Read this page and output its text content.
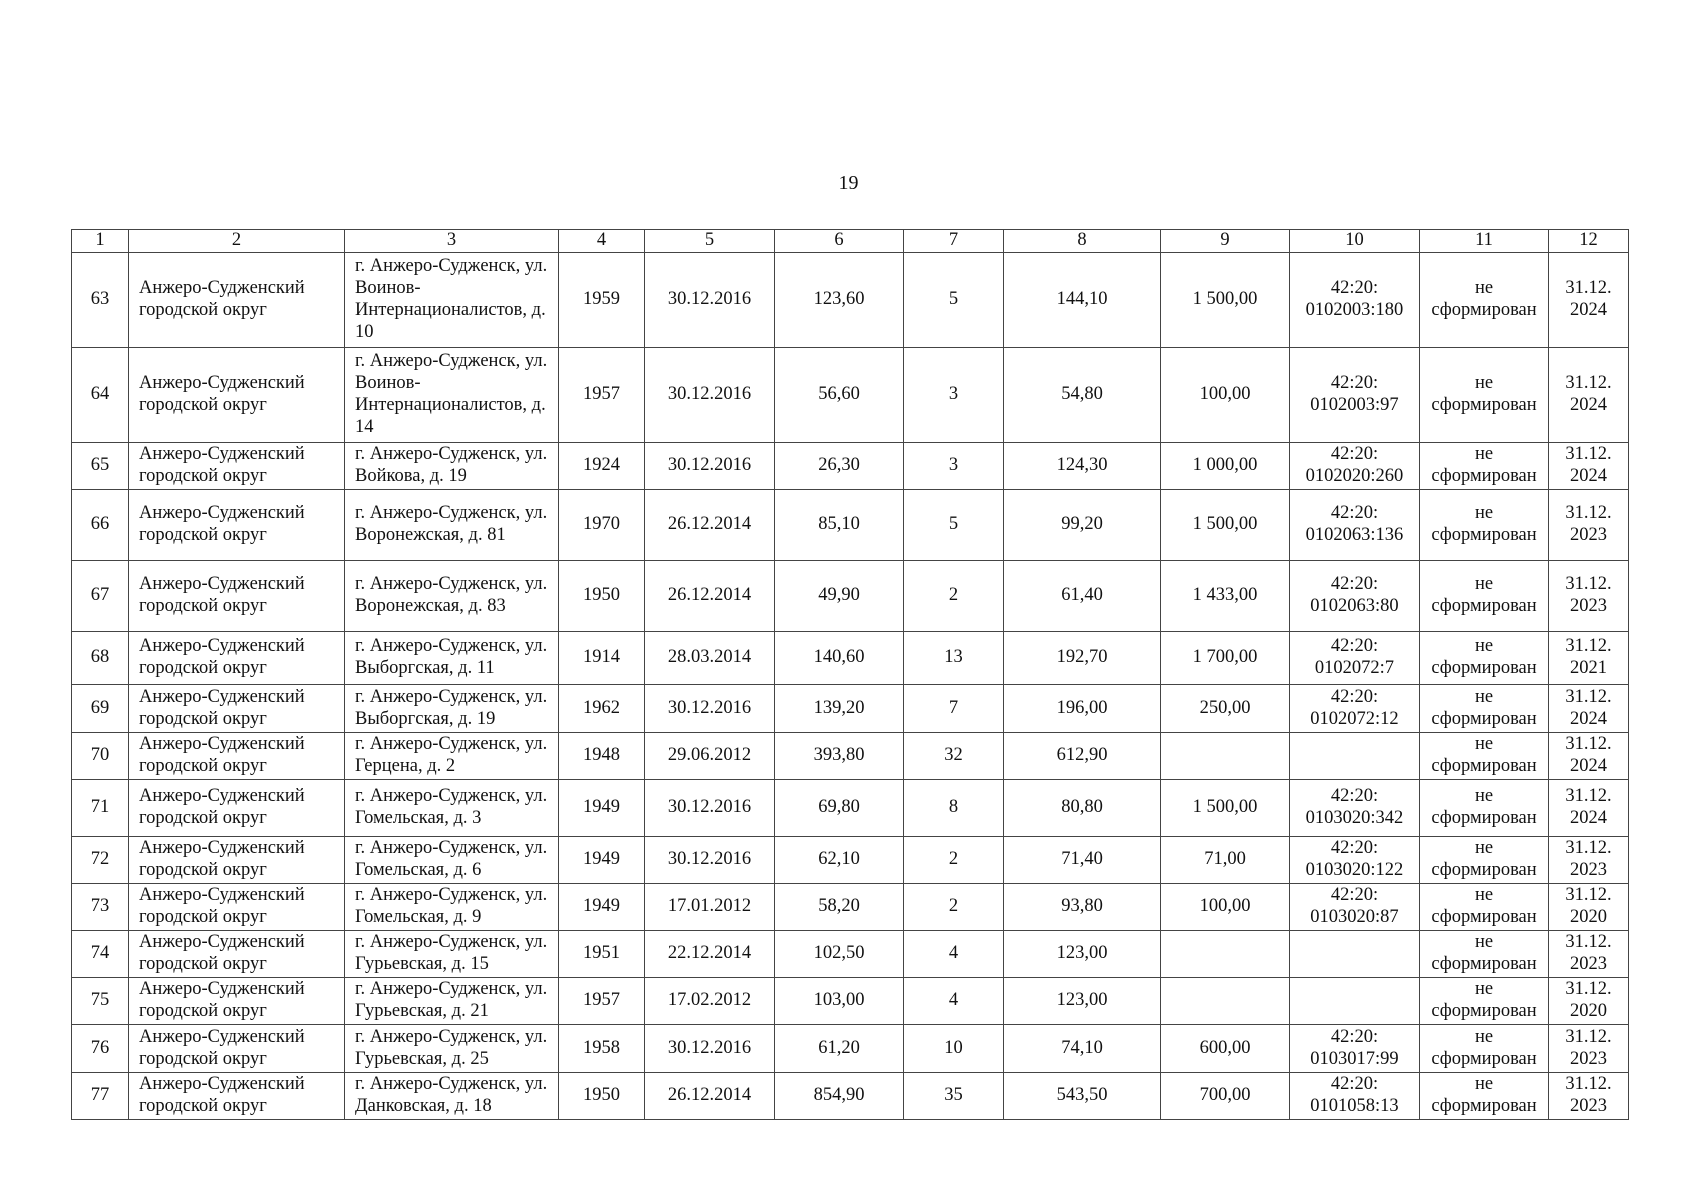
19
1	2	3	4	5	6	7	8	9	10	11	12
63	Анжеро-Судженский городской округ	г. Анжеро-Судженск, ул. Воинов-Интернационалистов, д. 10	1959	30.12.2016	123,60	5	144,10	1 500,00	42:20: 0102003:180	не сформирован	31.12. 2024
64	Анжеро-Судженский городской округ	г. Анжеро-Судженск, ул. Воинов-Интернационалистов, д. 14	1957	30.12.2016	56,60	3	54,80	100,00	42:20: 0102003:97	не сформирован	31.12. 2024
65	Анжеро-Судженский городской округ	г. Анжеро-Судженск, ул. Войкова, д. 19	1924	30.12.2016	26,30	3	124,30	1 000,00	42:20: 0102020:260	не сформирован	31.12. 2024
66	Анжеро-Судженский городской округ	г. Анжеро-Судженск, ул. Воронежская, д. 81	1970	26.12.2014	85,10	5	99,20	1 500,00	42:20: 0102063:136	не сформирован	31.12. 2023
67	Анжеро-Судженский городской округ	г. Анжеро-Судженск, ул. Воронежская, д. 83	1950	26.12.2014	49,90	2	61,40	1 433,00	42:20: 0102063:80	не сформирован	31.12. 2023
68	Анжеро-Судженский городской округ	г. Анжеро-Судженск, ул. Выборгская, д. 11	1914	28.03.2014	140,60	13	192,70	1 700,00	42:20: 0102072:7	не сформирован	31.12. 2021
69	Анжеро-Судженский городской округ	г. Анжеро-Судженск, ул. Выборгская, д. 19	1962	30.12.2016	139,20	7	196,00	250,00	42:20: 0102072:12	не сформирован	31.12. 2024
70	Анжеро-Судженский городской округ	г. Анжеро-Судженск, ул. Герцена, д. 2	1948	29.06.2012	393,80	32	612,90			не сформирован	31.12. 2024
71	Анжеро-Судженский городской округ	г. Анжеро-Судженск, ул. Гомельская, д. 3	1949	30.12.2016	69,80	8	80,80	1 500,00	42:20: 0103020:342	не сформирован	31.12. 2024
72	Анжеро-Судженский городской округ	г. Анжеро-Судженск, ул. Гомельская, д. 6	1949	30.12.2016	62,10	2	71,40	71,00	42:20: 0103020:122	не сформирован	31.12. 2023
73	Анжеро-Судженский городской округ	г. Анжеро-Судженск, ул. Гомельская, д. 9	1949	17.01.2012	58,20	2	93,80	100,00	42:20: 0103020:87	не сформирован	31.12. 2020
74	Анжеро-Судженский городской округ	г. Анжеро-Судженск, ул. Гурьевская, д. 15	1951	22.12.2014	102,50	4	123,00			не сформирован	31.12. 2023
75	Анжеро-Судженский городской округ	г. Анжеро-Судженск, ул. Гурьевская, д. 21	1957	17.02.2012	103,00	4	123,00			не сформирован	31.12. 2020
76	Анжеро-Судженский городской округ	г. Анжеро-Судженск, ул. Гурьевская, д. 25	1958	30.12.2016	61,20	10	74,10	600,00	42:20: 0103017:99	не сформирован	31.12. 2023
77	Анжеро-Судженский городской округ	г. Анжеро-Судженск, ул. Данковская, д. 18	1950	26.12.2014	854,90	35	543,50	700,00	42:20: 0101058:13	не сформирован	31.12. 2023
